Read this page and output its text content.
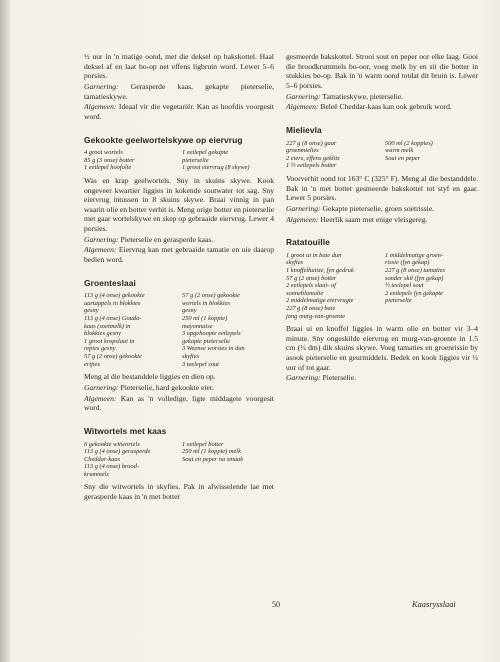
½ uur in 'n matige oond, met die deksel op bakskottel. Haal deksel af en laat bo-op net effens ligbruin word. Lewer 5–6 porsies.

Garnering: Gerasperde kaas, gekapte pieterselie, tamatieskywe.

Algemeen: Ideaal vir die vegetariër. Kan as hoofdis voorgesit word.

Gekookte geelwortelskywe op eiervrug
4 groot wortels
85 g (3 onse) botter
1 eetlepel hoofolie
1 eetlepel gekapte
pieterselie
1 groot eiervrug (8 skywe)

Was en krap geelwortels. Sny in skuins skywe. Kook ongeveer kwartier liggies in kokende soutwater tot sag. Sny eiervrug intussen in 8 skuins skywe. Braai vinnig in pan waarin olie en botter verhit is. Meng orige botter en pieterselie met gaar wortelskywe en skep op gebraaide eiervrug. Lewer 4 porsies.

Garnering: Pieterselie en gerasperde kaas.

Algemeen: Eiervrug kan met gebraaide tamatie en uie daarop bedien word.

Groenteslaai
113 g (4 onse) gekookte
aartappels in blokkies
gesny
113 g (4 onse) Gouda-
kaas (soetmelk) in
blokkies gesny
1 groot kropslaai in
repies gesny
57 g (2 onse) gekookte
ertjies
57 g (2 onse) gekookte
wortels in blokkies
gesny
250 ml (1 koppie)
mayonnaise
3 opgehoopte eetlepels
gekapte pieterselie
3 Weense worsies in dun
skyfies
3 teelepel sout

Meng al die bestanddele liggies en dien op.

Garnering: Pieterselie, hard gekookte eier.

Algemeen: Kan as 'n volledige, ligte middagete voorgesit word.

Witwortels met kaas
6 gekookte witwortels
113 g (4 onse) gerasperde
Cheddar-kaas
113 g (4 onse) brood-
krummels
1 eetlepel botter
250 ml (1 koppie) melk
Sout en peper na smaak

Sny die witwortels in skyfies. Pak in afwisselende lae met gerasperde kaas in 'n met botter

gesmeerde bakskottel. Strooi sout en peper oor elke laag. Gooi die broodkrummels bo-oor, voeg melk by en sit die botter in stukkies bo-op. Bak in 'n warm oond totdat dit bruin is. Lewer 5–6 porsies.

Garnering: Tamatieskywe, pieterselie.

Algemeen: Beleë Cheddar-kaas kan ook gebruik word.

Mielievla
227 g (8 onse) gaar
groenmielies
2 eiers, effens geklits
1 ½ eetlepels botter
500 ml (2 koppies)
warm melk
Sout en peper

Voorverhit oond tot 163° C (325° F). Meng al die bestanddele. Bak in 'n met botter gesmeerde bakskottel tot styf en gaar. Lewer 5 porsies.

Garnering: Gekapte pieterselie, groen soetrissie.

Algemeen: Heerlik saam met enige vleisgereg.

Ratatouille
1 groot ui in baie dun
skyfies
1 knoffelhuisie, fyn gedruk
57 g (2 onse) botter
2 eetlepels slaai- of
sonneblomolie
2 middelmatige eiervrugte
227 g (8 onse) baie
jong murg-van-groente
1 middelmatige groen-
rissie (fyn gekap)
227 g (8 onse) tamaties
sonder skil (fyn gekap)
½ teelepel sout
2 eetlepels fyn gekapte
pieterselie

Braai ui en knoffel liggies in warm olie en botter vir 3–4 minute. Sny ongeskilde eiervrug en murg-van-groente in 1.5 cm (½ dm) dik skuins skywe. Voeg tamaties en groenrissie by asook pieterselie en geurmiddels. Bedek en kook liggies vir ½ uur of tot gaar.

Garnering: Pieterselie.

50	Kaasrysslaai
